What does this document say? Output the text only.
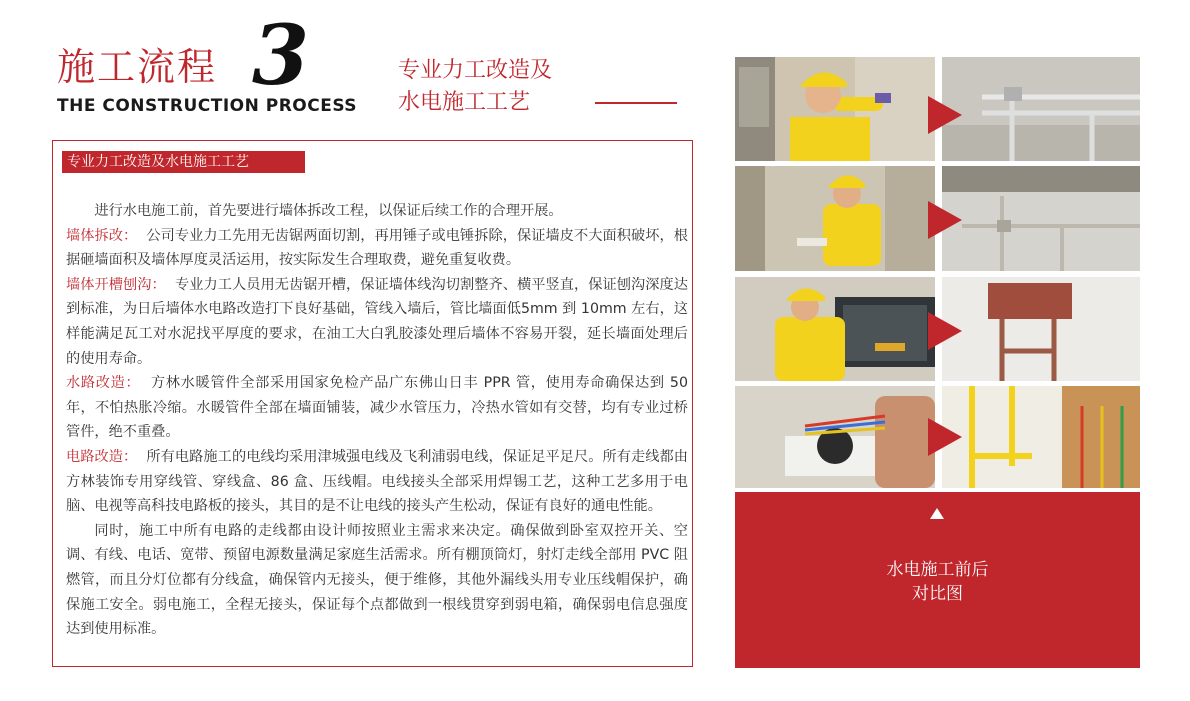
施工流程 3
THE CONSTRUCTION PROCESS
专业力工改造及
水电施工工艺
专业力工改造及水电施工工艺

进行水电施工前，首先要进行墙体拆改工程，以保证后续工作的合理开展。

墙体拆改： 公司专业力工先用无齿锯两面切割，再用锤子或电锤拆除，保证墙皮不大面积破坏，根据砸墙面积及墙体厚度灵活运用，按实际发生合理取费，避免重复收费。

墙体开槽刨沟： 专业力工人员用无齿锯开槽，保证墙体线沟切割整齐、横平竖直，保证刨沟深度达到标准，为日后墙体水电路改造打下良好基础，管线入墙后，管比墙面低5mm 到 10mm 左右，这样能满足瓦工对水泥找平厚度的要求，在油工大白乳胶漆处理后墙体不容易开裂，延长墙面处理后的使用寿命。

水路改造： 方林水暖管件全部采用国家免检产品广东佛山日丰 PPR 管，使用寿命确保达到 50 年，不怕热胀冷缩。水暖管件全部在墙面铺装，减少水管压力，冷热水管如有交替，均有专业过桥管件，绝不重叠。

电路改造： 所有电路施工的电线均采用津城强电线及飞利浦弱电线，保证足平足尺。所有走线都由方林装饰专用穿线管、穿线盒、86 盒、压线帽。电线接头全部采用焊锡工艺，这种工艺多用于电脑、电视等高科技电路板的接头，其目的是不让电线的接头产生松动，保证有良好的通电性能。

同时，施工中所有电路的走线都由设计师按照业主需求来决定。确保做到卧室双控开关、空调、有线、电话、宽带、预留电源数量满足家庭生活需求。所有棚顶筒灯，射灯走线全部用 PVC 阻燃管，而且分灯位都有分线盒，确保管内无接头，便于维修，其他外漏线头用专业压线帽保护，确保施工安全。弱电施工，全程无接头，保证每个点都做到一根线贯穿到弱电箱，确保弱电信息强度达到使用标准。

水电施工前后
对比图
